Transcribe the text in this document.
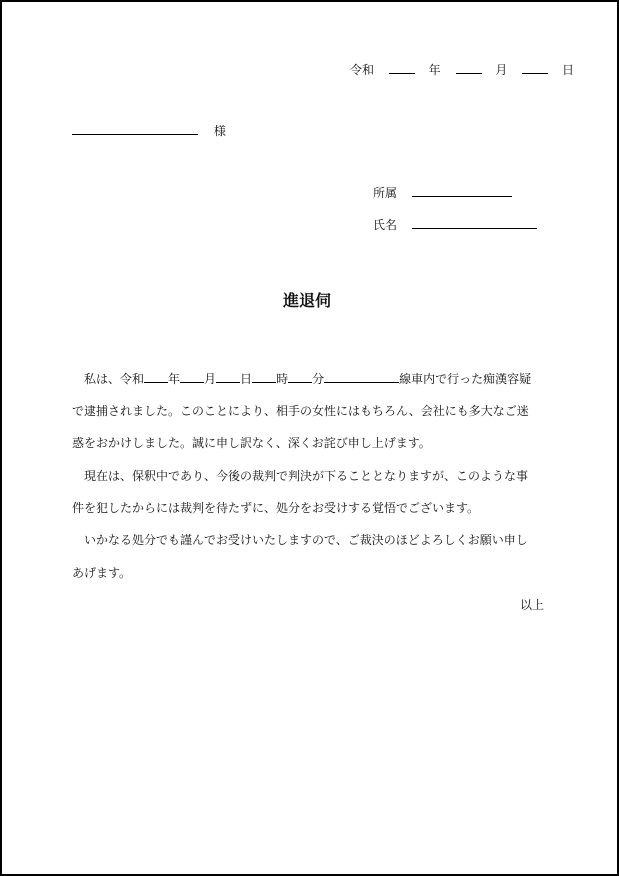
令和	年	月	日
様
所属
氏名
進退伺
私は、令和 年 月 日 時 分	線車内で行った痴漢容疑
で逮捕されました。このことにより、相手の女性にはもちろん、会社にも多大なご迷
惑をおかけしました。誠に申し訳なく、深くお詫び申し上げます。
現在は、保釈中であり、今後の裁判で判決が下ることとなりますが、このような事
件を犯したからには裁判を待たずに、処分をお受けする覚悟でございます。
いかなる処分でも謹んでお受けいたしますので、ご裁決のほどよろしくお願い申し
あげます。
以上
